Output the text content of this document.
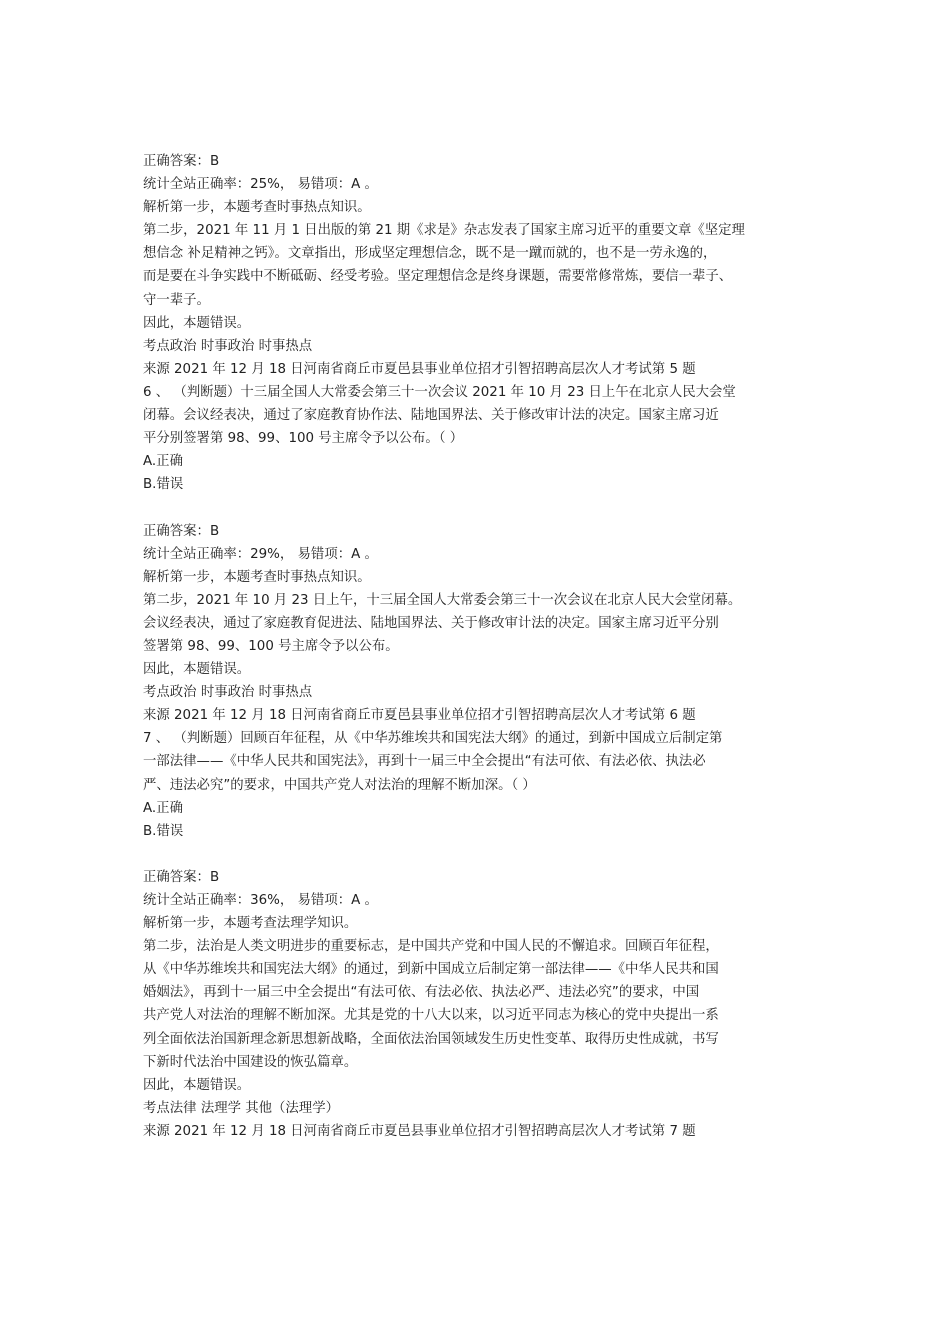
正确答案：B
统计全站正确率：25%， 易错项：A 。
解析第一步，本题考查时事热点知识。
第二步，2021 年 11 月 1 日出版的第 21 期《求是》杂志发表了国家主席习近平的重要文章《坚定理
想信念 补足精神之钙》。文章指出，形成坚定理想信念，既不是一蹴而就的，也不是一劳永逸的，
而是要在斗争实践中不断砥砺、经受考验。坚定理想信念是终身课题，需要常修常炼，要信一辈子、
守一辈子。
因此，本题错误。
考点政治 时事政治 时事热点
来源 2021 年 12 月 18 日河南省商丘市夏邑县事业单位招才引智招聘高层次人才考试第 5 题
6 、 （判断题）十三届全国人大常委会第三十一次会议 2021 年 10 月 23 日上午在北京人民大会堂
闭幕。会议经表决，通过了家庭教育协作法、陆地国界法、关于修改审计法的决定。国家主席习近
平分别签署第 98、99、100 号主席令予以公布。（ ）
A.正确
B.错误
正确答案：B
统计全站正确率：29%， 易错项：A 。
解析第一步，本题考查时事热点知识。
第二步，2021 年 10 月 23 日上午，十三届全国人大常委会第三十一次会议在北京人民大会堂闭幕。
会议经表决，通过了家庭教育促进法、陆地国界法、关于修改审计法的决定。国家主席习近平分别
签署第 98、99、100 号主席令予以公布。
因此，本题错误。
考点政治 时事政治 时事热点
来源 2021 年 12 月 18 日河南省商丘市夏邑县事业单位招才引智招聘高层次人才考试第 6 题
7 、 （判断题）回顾百年征程，从《中华苏维埃共和国宪法大纲》的通过，到新中国成立后制定第
一部法律——《中华人民共和国宪法》，再到十一届三中全会提出“有法可依、有法必依、执法必
严、违法必究”的要求，中国共产党人对法治的理解不断加深。（ ）
A.正确
B.错误
正确答案：B
统计全站正确率：36%， 易错项：A 。
解析第一步，本题考查法理学知识。
第二步，法治是人类文明进步的重要标志，是中国共产党和中国人民的不懈追求。回顾百年征程，
从《中华苏维埃共和国宪法大纲》的通过，到新中国成立后制定第一部法律——《中华人民共和国
婚姻法》，再到十一届三中全会提出“有法可依、有法必依、执法必严、违法必究”的要求，中国
共产党人对法治的理解不断加深。尤其是党的十八大以来，以习近平同志为核心的党中央提出一系
列全面依法治国新理念新思想新战略，全面依法治国领域发生历史性变革、取得历史性成就，书写
下新时代法治中国建设的恢弘篇章。
因此，本题错误。
考点法律 法理学 其他（法理学）
来源 2021 年 12 月 18 日河南省商丘市夏邑县事业单位招才引智招聘高层次人才考试第 7 题
